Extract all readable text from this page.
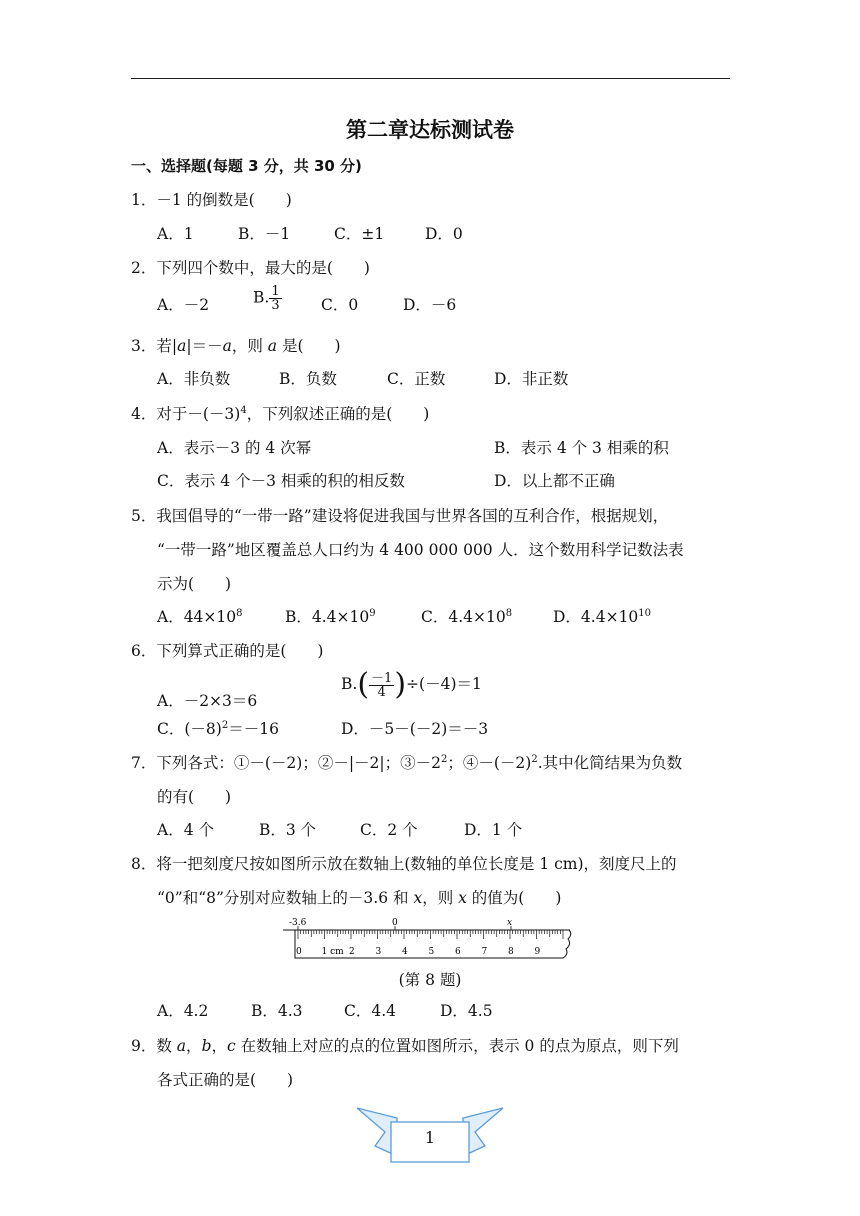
第二章达标测试卷
一、选择题(每题 3 分，共 30 分)
1．－1 的倒数是(　　)
A．1	B．－1	C．±1	D．0
2．下列四个数中，最大的是(　　)
A．－2	B. $\frac{1}{3}$	C．0	D．－6
3．若|a|＝－a，则 a 是(　　)
A．非负数	B．负数	C．正数	D．非正数
4．对于$-(-3)^4$，下列叙述正确的是(　　)
A．表示－3 的 4 次幂	B．表示 4 个 3 相乘的积
C．表示 4 个－3 相乘的积的相反数	D．以上都不正确
5．我国倡导的“一带一路”建设将促进我国与世界各国的互利合作，根据规划，
“一带一路”地区覆盖总人口约为 4 400 000 000 人．这个数用科学记数法表
示为(　　)
A．$44\times 10^8$	B．$4.4\times 10^9$	C．$4.4\times 10^8$	D．$4.4\times 10^{10}$
6．下列算式正确的是(　　)
A．－2×3＝6
$B.( \frac{-1}{4} )\div(-4)=1$
C．$(-8)^2=-16$	D．－5－(－2)＝－3
7．下列各式：①－(－2)；②－|－2|；$③-2^2$；$④-(-2)^2$.其中化简结果为负数
的有(　　)
A．4 个	B．3 个	C．2 个	D．1 个
8．将一把刻度尺按如图所示放在数轴上(数轴的单位长度是 1 cm)，刻度尺上的
“0”和“8”分别对应数轴上的－3.6 和 x，则 x 的值为(　　)
-3.6	0	x
0 1 cm 2 3 4 5 6 7 8 9
(第 8 题)
A．4.2	B．4.3	C．4.4	D．4.5
9．数 a，b，c 在数轴上对应的点的位置如图所示，表示 0 的点为原点，则下列
各式正确的是(　　)
1
